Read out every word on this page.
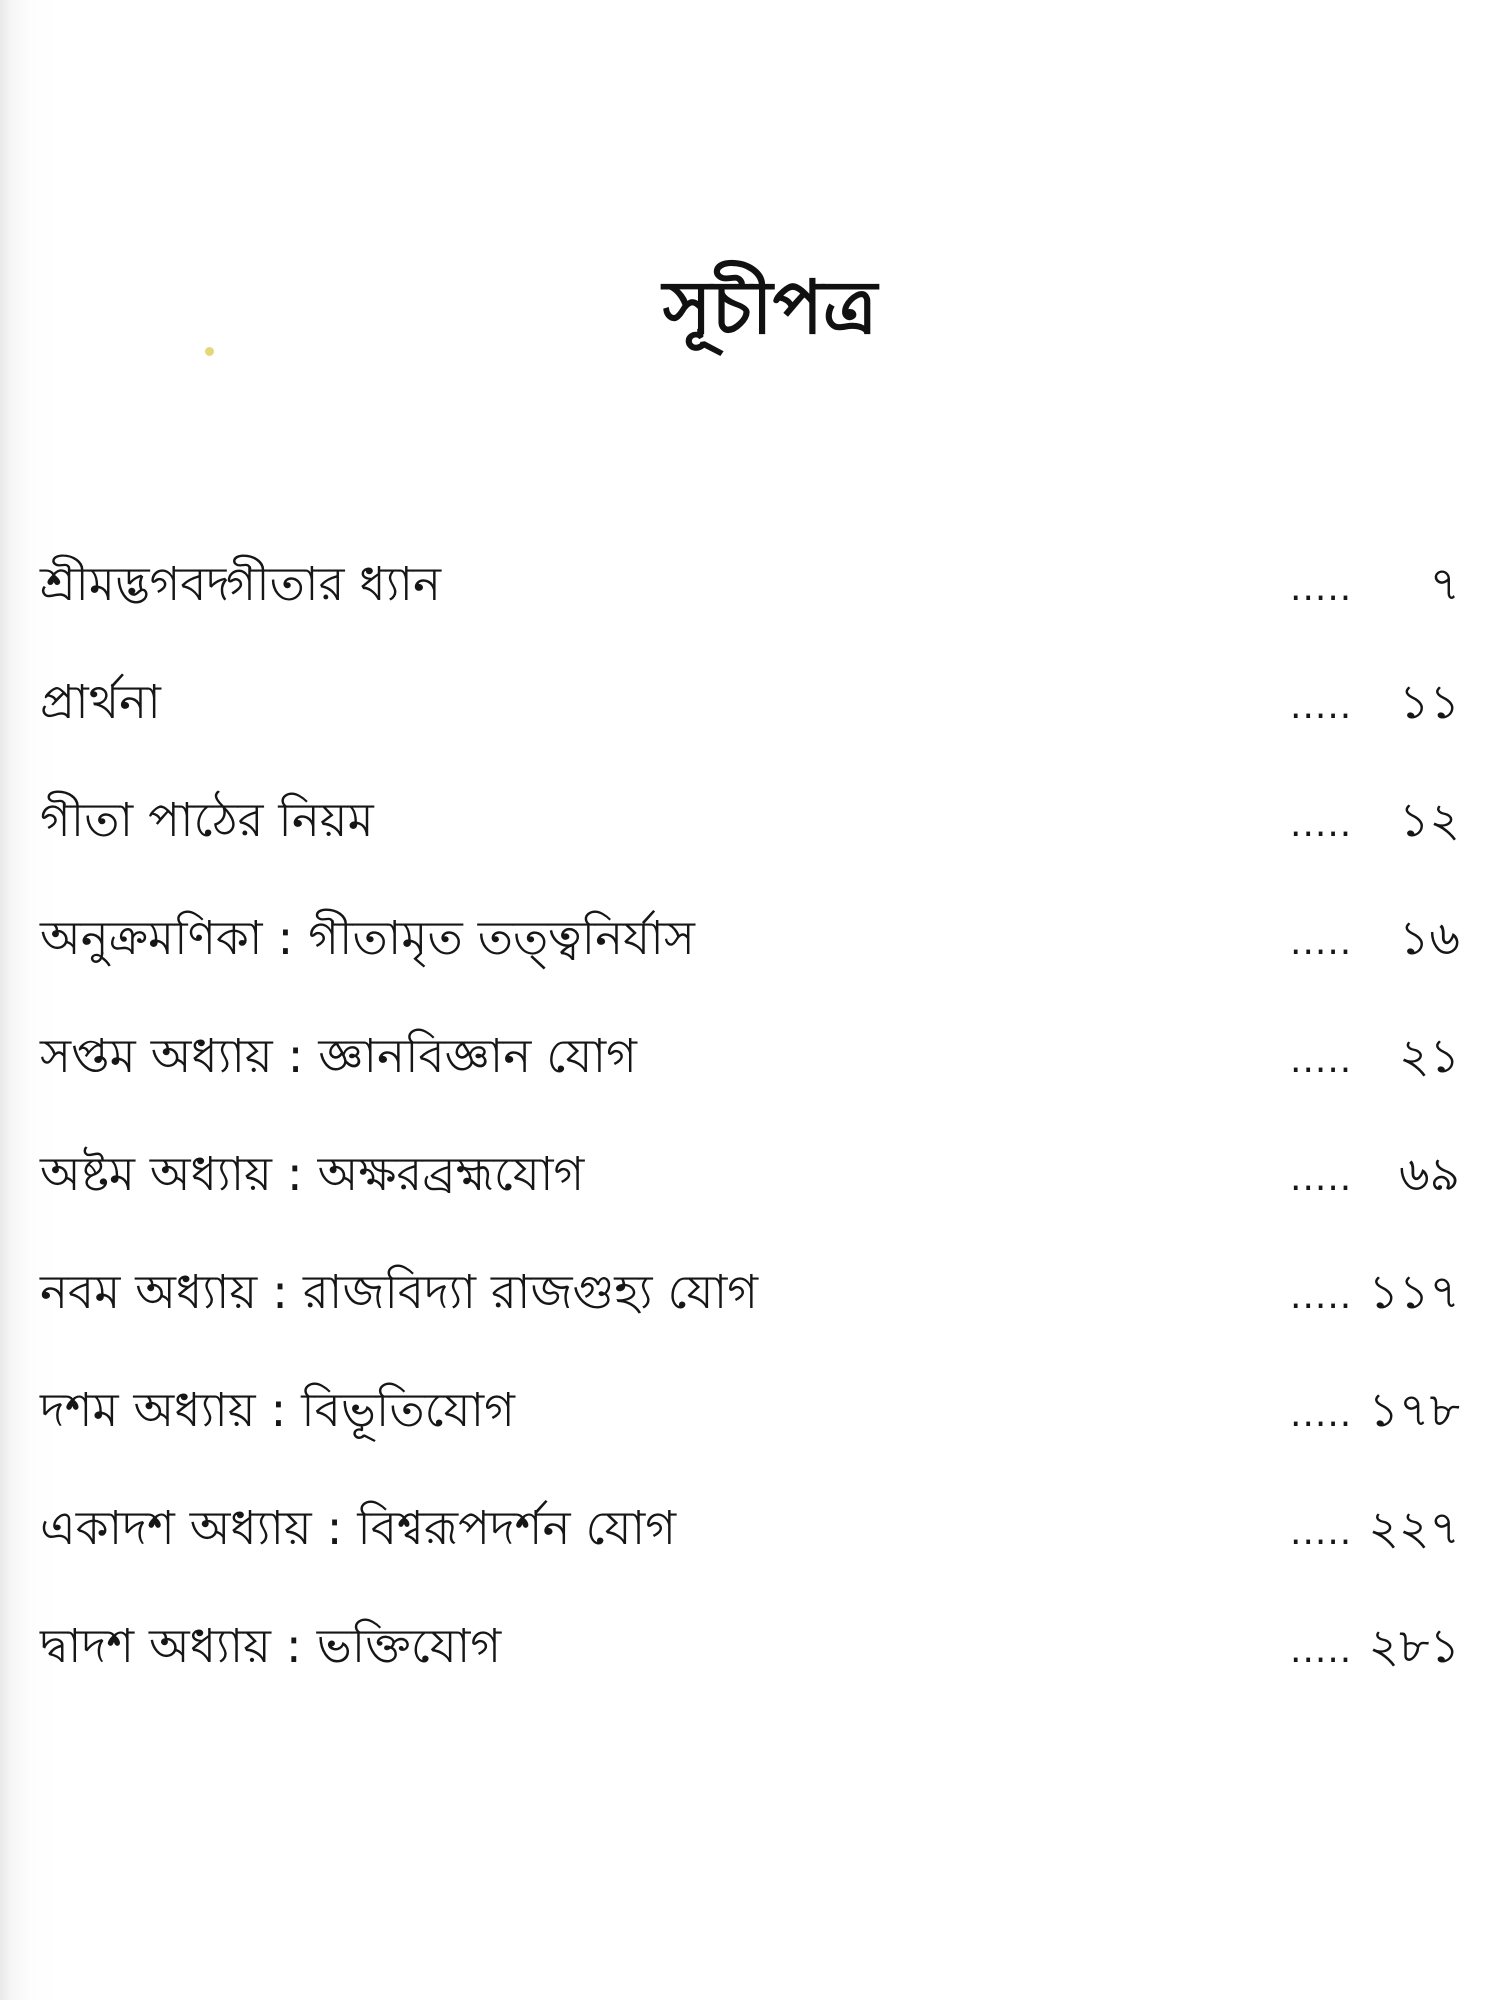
সূচীপত্র
শ্রীমদ্ভগবদ্গীতার ধ্যান	..... ৭
প্রার্থনা	..... ১১
গীতা পাঠের নিয়ম	..... ১২
অনুক্রমণিকা : গীতামৃত তত্ত্বনির্যাস	..... ১৬
সপ্তম অধ্যায় : জ্ঞানবিজ্ঞান যোগ	..... ২১
অষ্টম অধ্যায় : অক্ষরব্রহ্মযোগ	..... ৬৯
নবম অধ্যায় : রাজবিদ্যা রাজগুহ্য যোগ	..... ১১৭
দশম অধ্যায় : বিভূতিযোগ	..... ১৭৮
একাদশ অধ্যায় : বিশ্বরূপদর্শন যোগ	..... ২২৭
দ্বাদশ অধ্যায় : ভক্তিযোগ	..... ২৮১
